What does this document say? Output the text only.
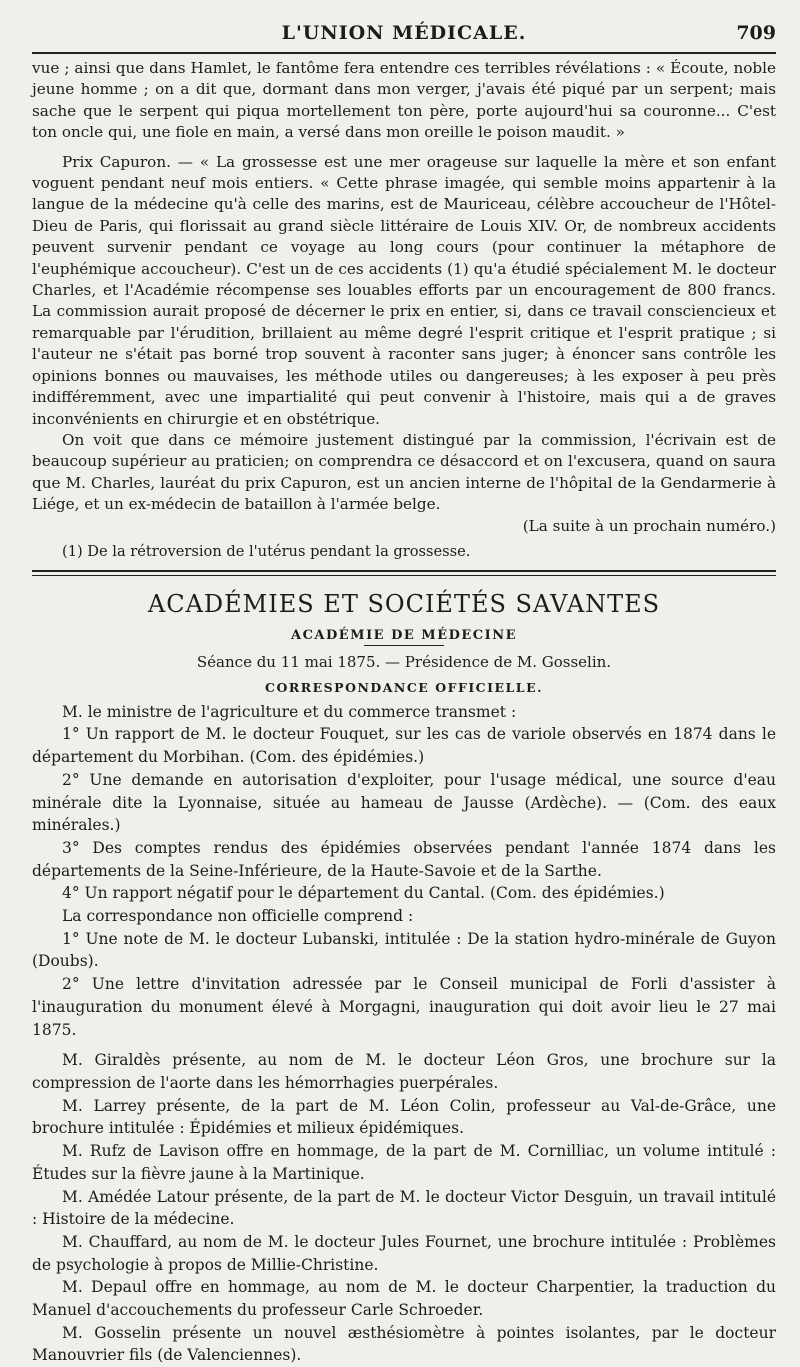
L'UNION MÉDICALE.	709

vue ; ainsi que dans Hamlet, le fantôme fera entendre ces terribles révélations : « Écoute, noble jeune homme ; on a dit que, dormant dans mon verger, j'avais été piqué par un serpent; mais sache que le serpent qui piqua mortellement ton père, porte aujourd'hui sa couronne... C'est ton oncle qui, une fiole en main, a versé dans mon oreille le poison maudit. »

Prix Capuron. — « La grossesse est une mer orageuse sur laquelle la mère et son enfant voguent pendant neuf mois entiers. « Cette phrase imagée, qui semble moins appartenir à la langue de la médecine qu'à celle des marins, est de Mauriceau, célèbre accoucheur de l'Hôtel-Dieu de Paris, qui florissait au grand siècle littéraire de Louis XIV. Or, de nombreux accidents peuvent survenir pendant ce voyage au long cours (pour continuer la métaphore de l'euphémique accoucheur). C'est un de ces accidents (1) qu'a étudié spécialement M. le docteur Charles, et l'Académie récompense ses louables efforts par un encouragement de 800 francs. La commission aurait proposé de décerner le prix en entier, si, dans ce travail consciencieux et remarquable par l'érudition, brillaient au même degré l'esprit critique et l'esprit pratique ; si l'auteur ne s'était pas borné trop souvent à raconter sans juger; à énoncer sans contrôle les opinions bonnes ou mauvaises, les méthode utiles ou dangereuses; à les exposer à peu près indifféremment, avec une impartialité qui peut convenir à l'histoire, mais qui a de graves inconvénients en chirurgie et en obstétrique.

On voit que dans ce mémoire justement distingué par la commission, l'écrivain est de beaucoup supérieur au praticien; on comprendra ce désaccord et on l'excusera, quand on saura que M. Charles, lauréat du prix Capuron, est un ancien interne de l'hôpital de la Gendarmerie à Liége, et un ex-médecin de bataillon à l'armée belge.

(La suite à un prochain numéro.)

(1) De la rétroversion de l'utérus pendant la grossesse.

ACADÉMIES ET SOCIÉTÉS SAVANTES
ACADÉMIE DE MÉDECINE

Séance du 11 mai 1875. — Présidence de M. Gosselin.

CORRESPONDANCE OFFICIELLE.

M. le ministre de l'agriculture et du commerce transmet :

1° Un rapport de M. le docteur Fouquet, sur les cas de variole observés en 1874 dans le département du Morbihan. (Com. des épidémies.)

2° Une demande en autorisation d'exploiter, pour l'usage médical, une source d'eau minérale dite la Lyonnaise, située au hameau de Jausse (Ardèche). — (Com. des eaux minérales.)

3° Des comptes rendus des épidémies observées pendant l'année 1874 dans les départements de la Seine-Inférieure, de la Haute-Savoie et de la Sarthe.

4° Un rapport négatif pour le département du Cantal. (Com. des épidémies.)

La correspondance non officielle comprend :

1° Une note de M. le docteur Lubanski, intitulée : De la station hydro-minérale de Guyon (Doubs).

2° Une lettre d'invitation adressée par le Conseil municipal de Forli d'assister à l'inauguration du monument élevé à Morgagni, inauguration qui doit avoir lieu le 27 mai 1875.

M. Giraldès présente, au nom de M. le docteur Léon Gros, une brochure sur la compression de l'aorte dans les hémorrhagies puerpérales.

M. Larrey présente, de la part de M. Léon Colin, professeur au Val-de-Grâce, une brochure intitulée : Épidémies et milieux épidémiques.

M. Rufz de Lavison offre en hommage, de la part de M. Cornilliac, un volume intitulé : Études sur la fièvre jaune à la Martinique.

M. Amédée Latour présente, de la part de M. le docteur Victor Desguin, un travail intitulé : Histoire de la médecine.

M. Chauffard, au nom de M. le docteur Jules Fournet, une brochure intitulée : Problèmes de psychologie à propos de Millie-Christine.

M. Depaul offre en hommage, au nom de M. le docteur Charpentier, la traduction du Manuel d'accouchements du professeur Carle Schroeder.

M. Gosselin présente un nouvel æsthésiomètre à pointes isolantes, par le docteur Manouvrier fils (de Valenciennes).
